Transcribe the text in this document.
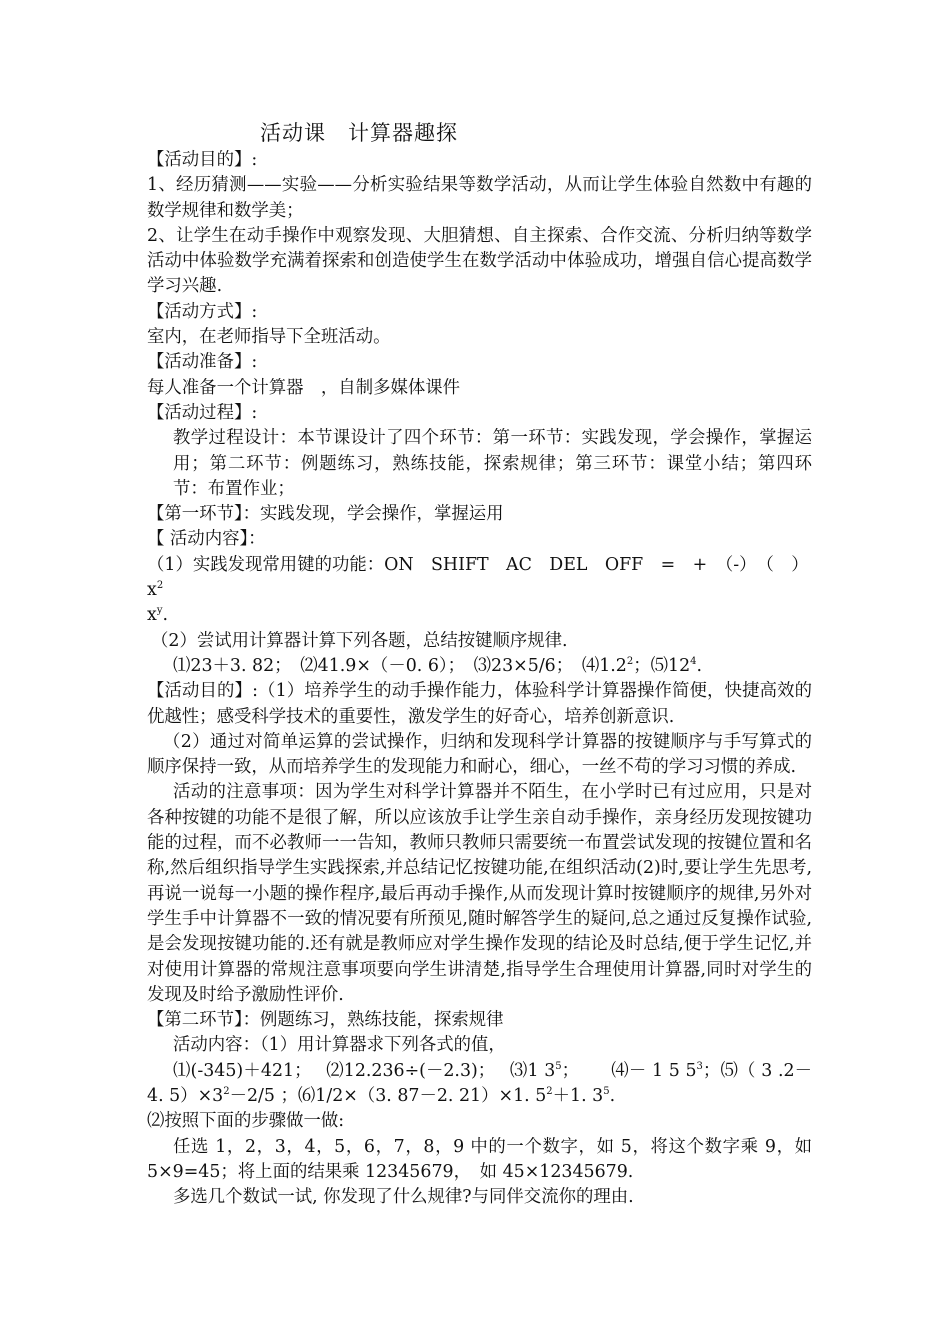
活动课　计算器趣探

【活动目的】:

1、经历猜测——实验——分析实验结果等数学活动，从而让学生体验自然数中有趣的数学规律和数学美；

2、让学生在动手操作中观察发现、大胆猜想、自主探索、合作交流、分析归纳等数学活动中体验数学充满着探索和创造使学生在数学活动中体验成功，增强自信心提高数学学习兴趣.

【活动方式】:

室内，在老师指导下全班活动。

【活动准备】:

每人准备一个计算器　，自制多媒体课件

【活动过程】:

教学过程设计：本节课设计了四个环节：第一环节：实践发现，学会操作，掌握运用；第二环节：例题练习，熟练技能，探索规律；第三环节：课堂小结；第四环节：布置作业；

【第一环节】：实践发现，学会操作，掌握运用

【 活动内容】：

（1）实践发现常用键的功能：ON　SHIFT　AC　DEL　OFF　=　+　（-）　（　）　$x^2$

$x^y$.

（2）尝试用计算器计算下列各题，总结按键顺序规律.

⑴23＋3. 82；　⑵41.9×（－0. 6）；　⑶23×5/6；　$⑷1.2^2$；$⑸12^4$.

【活动目的】:（1）培养学生的动手操作能力，体验科学计算器操作简便，快捷高效的优越性；感受科学技术的重要性，激发学生的好奇心，培养创新意识.

（2）通过对简单运算的尝试操作，归纳和发现科学计算器的按键顺序与手写算式的顺序保持一致，从而培养学生的发现能力和耐心，细心，一丝不苟的学习习惯的养成.

活动的注意事项：因为学生对科学计算器并不陌生，在小学时已有过应用，只是对各种按键的功能不是很了解，所以应该放手让学生亲自动手操作，亲身经历发现按键功能的过程，而不必教师一一告知，教师只教师只需要统一布置尝试发现的按键位置和名称,然后组织指导学生实践探索,并总结记忆按键功能,在组织活动(2)时,要让学生先思考,再说一说每一小题的操作程序,最后再动手操作,从而发现计算时按键顺序的规律,另外对学生手中计算器不一致的情况要有所预见,随时解答学生的疑问,总之通过反复操作试验,是会发现按键功能的.还有就是教师应对学生操作发现的结论及时总结,便于学生记忆,并对使用计算器的常规注意事项要向学生讲清楚,指导学生合理使用计算器,同时对学生的发现及时给予激励性评价.

【第二环节】：例题练习，熟练技能，探索规律

活动内容：（1）用计算器求下列各式的值，

⑴(-345)＋421；　 ⑵12.236÷(－2.3)；　 ⑶1 $3^5$；　　 ⑷－ 1 5 $5^3$；⑸（ 3 .2－4. $5)\times 3^2-2/5$ ；⑹1/2×（3. 87－2. 21）×1. $5^2+1$. $3^5$.

⑵按照下面的步骤做一做:

任选 1，2，3，4，5，6，7，8，9 中的一个数字，如 5，将这个数字乘 9，如 5×9=45；将上面的结果乘 12345679，　如 45×12345679.

多选几个数试一试, 你发现了什么规律?与同伴交流你的理由.
